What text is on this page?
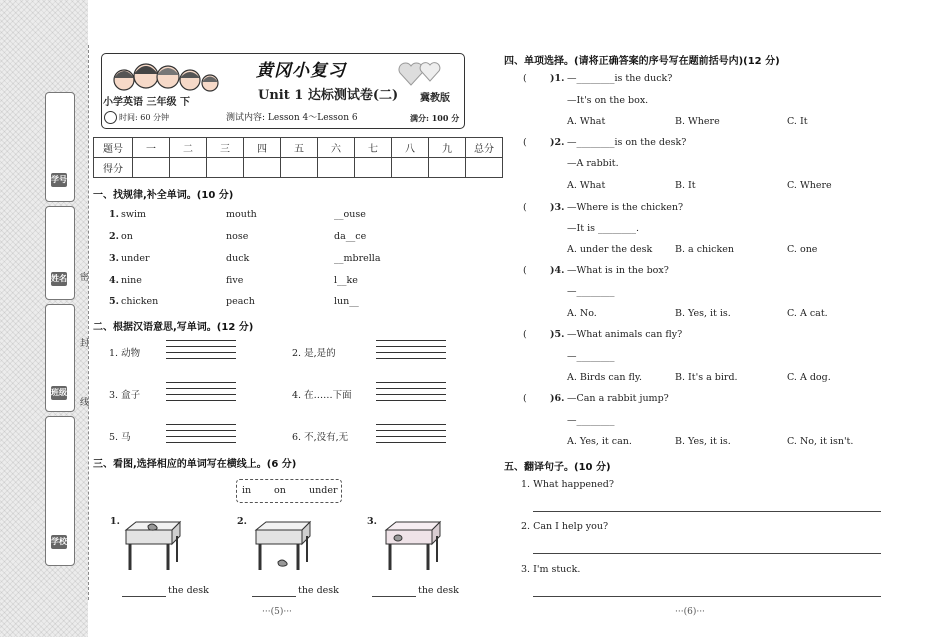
学号
姓名
班级
学校
密
封
线
黄冈小复习
小学英语 三年级 下	Unit 1 达标测试卷(二) 冀教版
时间: 60 分钟	测试内容: Lesson 4～Lesson 6	满分: 100 分
题号	一	二	三	四	五	六	七	八	九	总分
得分										
一、找规律,补全单词。(10 分)
1. swim	mouth	__ouse
2. on	nose	da__ce
3. under	duck	__mbrella
4. nine	five	l__ke
5. chicken	peach	lun__
二、根据汉语意思,写单词。(12 分)
1. 动物	2. 是,是的
3. 盒子	4. 在……下面
5. 马	6. 不,没有,无
三、看图,选择相应的单词写在横线上。(6 分)
in on under
1.
the desk
2.
the desk
3.
the desk
···(5)···
四、单项选择。(请将正确答案的序号写在题前括号内)(12 分)
( )1. —________is the duck?
—It's on the box.
A. What	B. Where	C. It
( )2. —________is on the desk?
—A rabbit.
A. What	B. It	C. Where
( )3. —Where is the chicken?
—It is ________.
A. under the desk B. a chicken	C. one
( )4. —What is in the box?
—________
A. No.	B. Yes, it is.	C. A cat.
( )5. —What animals can fly?
—________
A. Birds can fly.	B. It's a bird.	C. A dog.
( )6. —Can a rabbit jump?
—________
A. Yes, it can.	B. Yes, it is.	C. No, it isn't.
五、翻译句子。(10 分)
1. What happened?
2. Can I help you?
3. I'm stuck.
···(6)···
